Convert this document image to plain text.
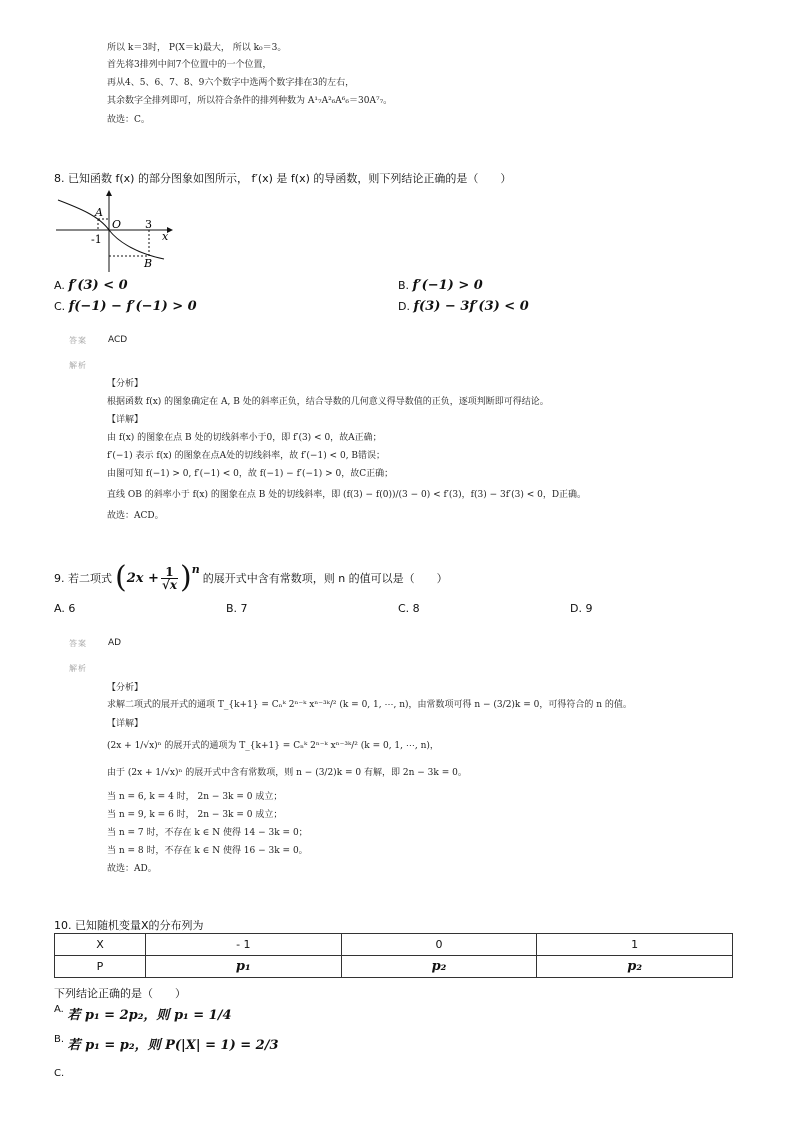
所以 k＝3时， P(X＝k)最大， 所以 k₀＝3。
首先将3排列中间7个位置中的一个位置，
再从4、5、6、7、8、9六个数字中选两个数字排在3的左右，
其余数字全排列即可，所以符合条件的排列种数为 A¹₇A²₆A⁶₆＝30A⁷₇。
故选：C。
8. 已知函数 f(x) 的部分图象如图所示， f′(x) 是 f(x) 的导函数，则下列结论正确的是（　　）
A
O 3
-1
B
x
A. f′(3) < 0	B. f′(−1) > 0
C. f(−1) − f′(−1) > 0	D. f(3) − 3f′(3) < 0
答案 ACD
解析
【分析】
根据函数 f(x) 的图象确定在 A, B 处的斜率正负，结合导数的几何意义得导数值的正负，逐项判断即可得结论。
【详解】
由 f(x) 的图象在点 B 处的切线斜率小于0，即 f′(3) < 0，故A正确；
f′(−1) 表示 f(x) 的图象在点A处的切线斜率，故 f′(−1) < 0, B错误；
由图可知 f(−1) > 0, f′(−1) < 0，故 f(−1) − f′(−1) > 0，故C正确；
直线 OB 的斜率小于 f(x) 的图象在点 B 处的切线斜率，即 (f(3) − f(0))/(3 − 0) < f′(3)，f(3) − 3f′(3) < 0，D正确。
故选：ACD。
9. 若二项式 ( $2x + \frac{1}{√x}$ ) n
的展开式中含有常数项，则 n 的值可以是（　　）
A. 6	B. 7	C. 8	D. 9
答案 AD
解析
【分析】
求解二项式的展开式的通项 T_{k+1} = Cₙᵏ 2ⁿ⁻ᵏ xⁿ⁻³ᵏ/² (k = 0, 1, ⋯, n)，由常数项可得 n − (3/2)k = 0，可得符合的 n 的值。
【详解】
(2x + 1/√x)ⁿ 的展开式的通项为 T_{k+1} = Cₙᵏ 2ⁿ⁻ᵏ xⁿ⁻³ᵏ/² (k = 0, 1, ⋯, n)，
由于 (2x + 1/√x)ⁿ 的展开式中含有常数项，则 n − (3/2)k = 0 有解，即 2n − 3k = 0。
当 n = 6, k = 4 时， 2n − 3k = 0 成立；
当 n = 9, k = 6 时， 2n − 3k = 0 成立；
当 n = 7 时，不存在 k ∈ N 使得 14 − 3k = 0；
当 n = 8 时，不存在 k ∈ N 使得 16 − 3k = 0。
故选：AD。
10. 已知随机变量X的分布列为
X	- 1	0	1
P	p₁	p₂	p₂
下列结论正确的是（　　）
A. 若 p₁ = 2p₂，则 p₁ = 1/4
B. 若 p₁ = p₂，则 P(|X| = 1) = 2/3
C.
